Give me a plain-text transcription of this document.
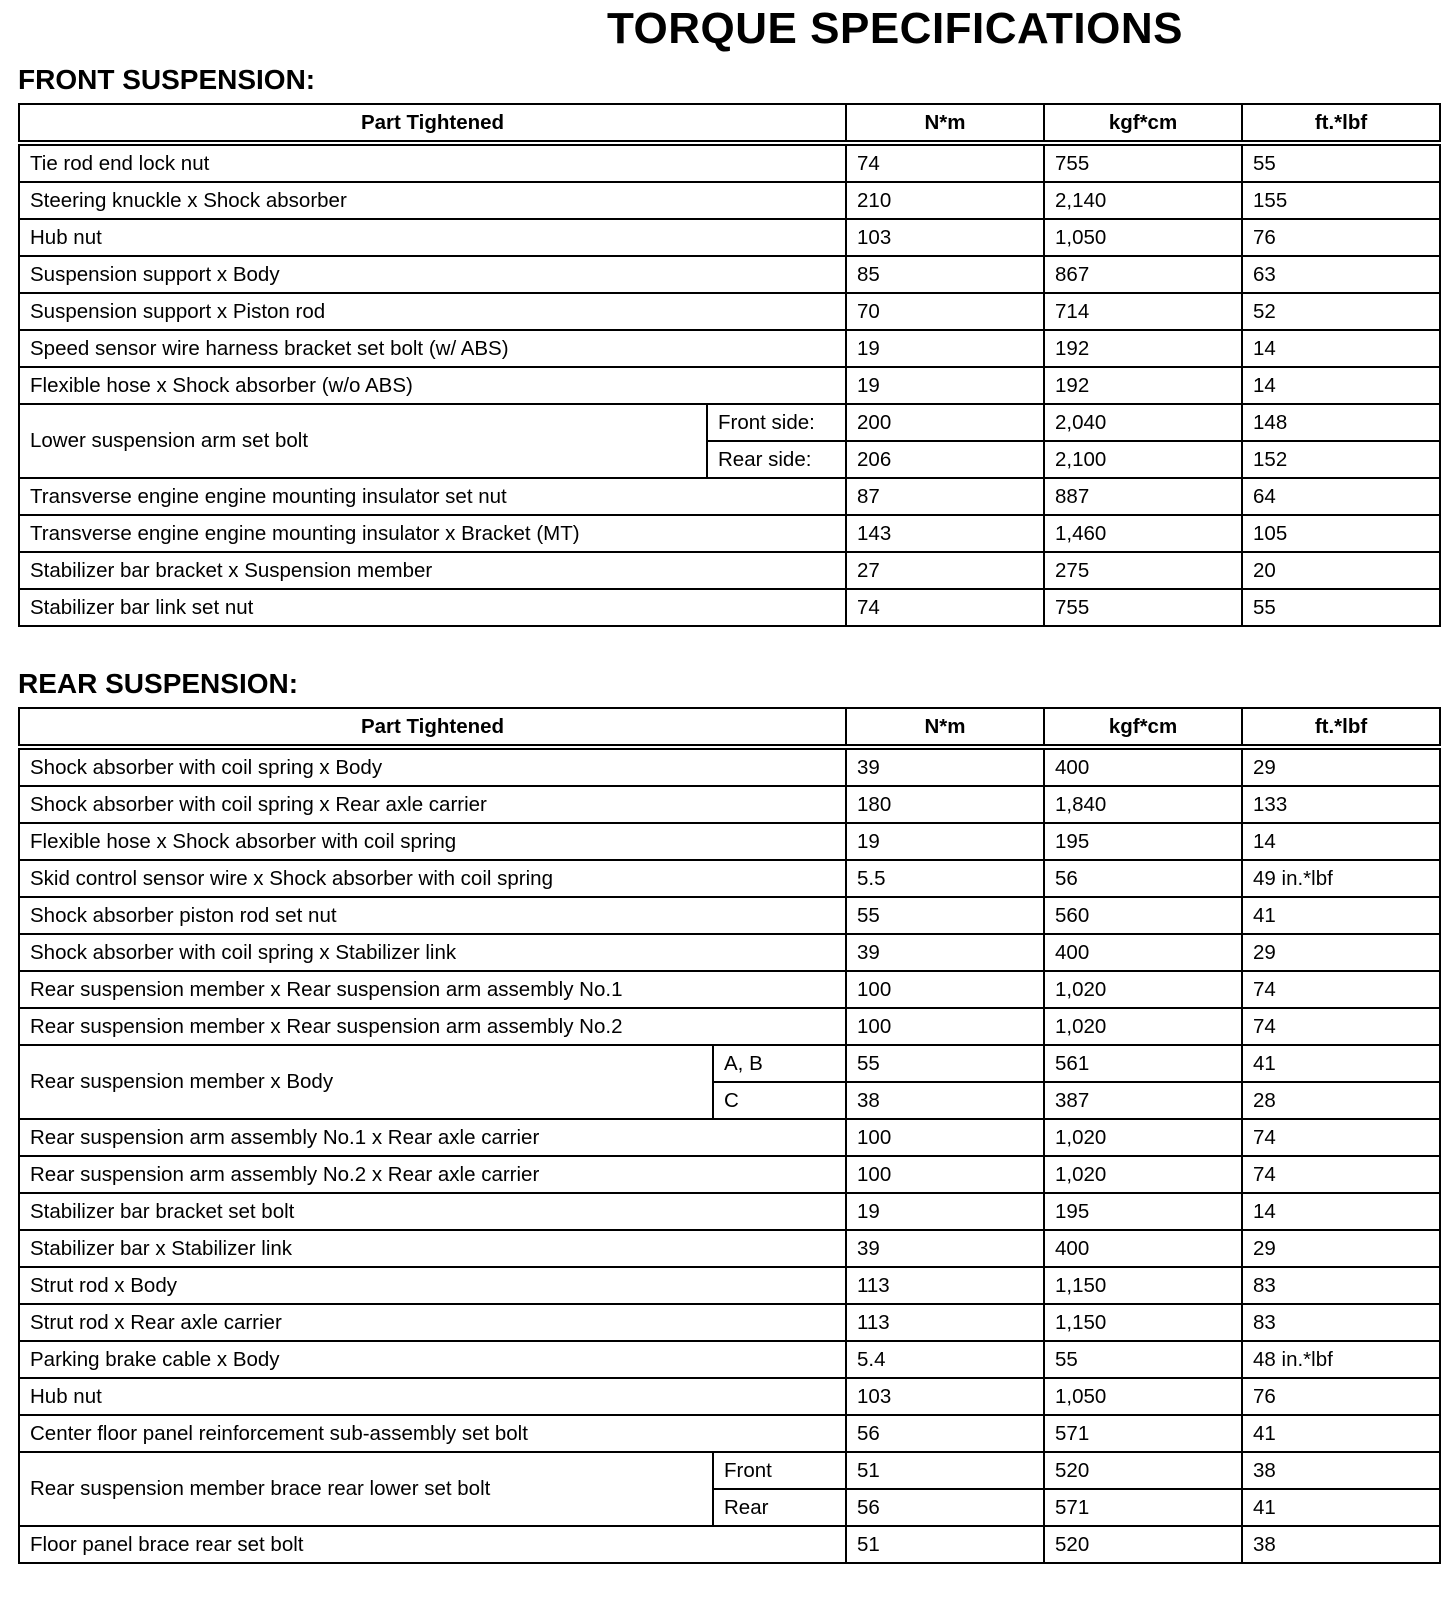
TORQUE SPECIFICATIONS
FRONT SUSPENSION:
Part Tightened		N*m	kgf*cm	ft.*lbf
Tie rod end lock nut		74	755	55
Steering knuckle x Shock absorber		210	2,140	155
Hub nut		103	1,050	76
Suspension support x Body		85	867	63
Suspension support x Piston rod		70	714	52
Speed sensor wire harness bracket set bolt (w/ ABS)		19	192	14
Flexible hose x Shock absorber (w/o ABS)		19	192	14
Lower suspension arm set bolt	Front side:	200	2,040	148
	Rear side:	206	2,100	152
Transverse engine engine mounting insulator set nut		87	887	64
Transverse engine engine mounting insulator x Bracket (MT)		143	1,460	105
Stabilizer bar bracket x Suspension member		27	275	20
Stabilizer bar link set nut		74	755	55
REAR SUSPENSION:
Part Tightened		N*m	kgf*cm	ft.*lbf
Shock absorber with coil spring x Body		39	400	29
Shock absorber with coil spring x Rear axle carrier		180	1,840	133
Flexible hose x Shock absorber with coil spring		19	195	14
Skid control sensor wire x Shock absorber with coil spring		5.5	56	49 in.*lbf
Shock absorber piston rod set nut		55	560	41
Shock absorber with coil spring x Stabilizer link		39	400	29
Rear suspension member x Rear suspension arm assembly No.1		100	1,020	74
Rear suspension member x Rear suspension arm assembly No.2		100	1,020	74
Rear suspension member x Body	A, B	55	561	41
	C	38	387	28
Rear suspension arm assembly No.1 x Rear axle carrier		100	1,020	74
Rear suspension arm assembly No.2 x Rear axle carrier		100	1,020	74
Stabilizer bar bracket set bolt		19	195	14
Stabilizer bar x Stabilizer link		39	400	29
Strut rod x Body		113	1,150	83
Strut rod x Rear axle carrier		113	1,150	83
Parking brake cable x Body		5.4	55	48 in.*lbf
Hub nut		103	1,050	76
Center floor panel reinforcement sub-assembly set bolt		56	571	41
Rear suspension member brace rear lower set bolt	Front	51	520	38
	Rear	56	571	41
Floor panel brace rear set bolt		51	520	38
